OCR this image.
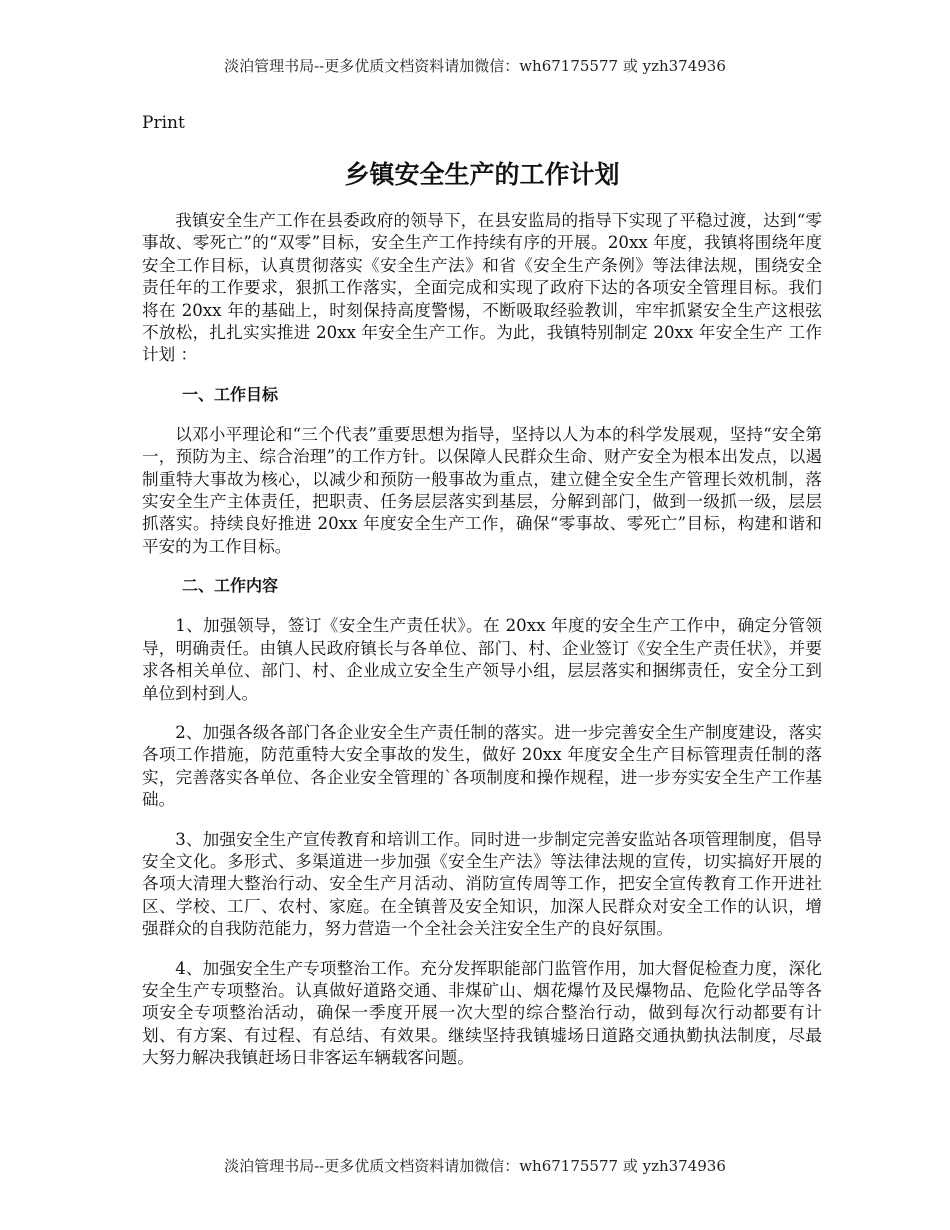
淡泊管理书局--更多优质文档资料请加微信：wh67175577 或 yzh374936
Print
乡镇安全生产的工作计划

我镇安全生产工作在县委政府的领导下，在县安监局的指导下实现了平稳过渡，达到“零事故、零死亡”的“双零”目标，安全生产工作持续有序的开展。20xx 年度，我镇将围绕年度安全工作目标，认真贯彻落实《安全生产法》和省《安全生产条例》等法律法规，围绕安全责任年的工作要求，狠抓工作落实，全面完成和实现了政府下达的各项安全管理目标。我们将在 20xx 年的基础上，时刻保持高度警惕，不断吸取经验教训，牢牢抓紧安全生产这根弦不放松，扎扎实实推进 20xx 年安全生产工作。为此，我镇特别制定 20xx 年安全生产 工作计划 ：

一、工作目标

以邓小平理论和“三个代表”重要思想为指导，坚持以人为本的科学发展观，坚持“安全第一，预防为主、综合治理”的工作方针。以保障人民群众生命、财产安全为根本出发点，以遏制重特大事故为核心，以减少和预防一般事故为重点，建立健全安全生产管理长效机制，落实安全生产主体责任，把职责、任务层层落实到基层，分解到部门，做到一级抓一级，层层抓落实。持续良好推进 20xx 年度安全生产工作，确保“零事故、零死亡”目标，构建和谐和平安的为工作目标。

二、工作内容

1、加强领导，签订《安全生产责任状》。在 20xx 年度的安全生产工作中，确定分管领导，明确责任。由镇人民政府镇长与各单位、部门、村、企业签订《安全生产责任状》，并要求各相关单位、部门、村、企业成立安全生产领导小组，层层落实和捆绑责任，安全分工到单位到村到人。

2、加强各级各部门各企业安全生产责任制的落实。进一步完善安全生产制度建设，落实各项工作措施，防范重特大安全事故的发生，做好 20xx 年度安全生产目标管理责任制的落实，完善落实各单位、各企业安全管理的`各项制度和操作规程，进一步夯实安全生产工作基础。

3、加强安全生产宣传教育和培训工作。同时进一步制定完善安监站各项管理制度，倡导安全文化。多形式、多渠道进一步加强《安全生产法》等法律法规的宣传，切实搞好开展的各项大清理大整治行动、安全生产月活动、消防宣传周等工作，把安全宣传教育工作开进社区、学校、工厂、农村、家庭。在全镇普及安全知识，加深人民群众对安全工作的认识，增强群众的自我防范能力，努力营造一个全社会关注安全生产的良好氛围。

4、加强安全生产专项整治工作。充分发挥职能部门监管作用，加大督促检查力度，深化安全生产专项整治。认真做好道路交通、非煤矿山、烟花爆竹及民爆物品、危险化学品等各项安全专项整治活动，确保一季度开展一次大型的综合整治行动，做到每次行动都要有计划、有方案、有过程、有总结、有效果。继续坚持我镇墟场日道路交通执勤执法制度，尽最大努力解决我镇赶场日非客运车辆载客问题。

淡泊管理书局--更多优质文档资料请加微信：wh67175577 或 yzh374936
